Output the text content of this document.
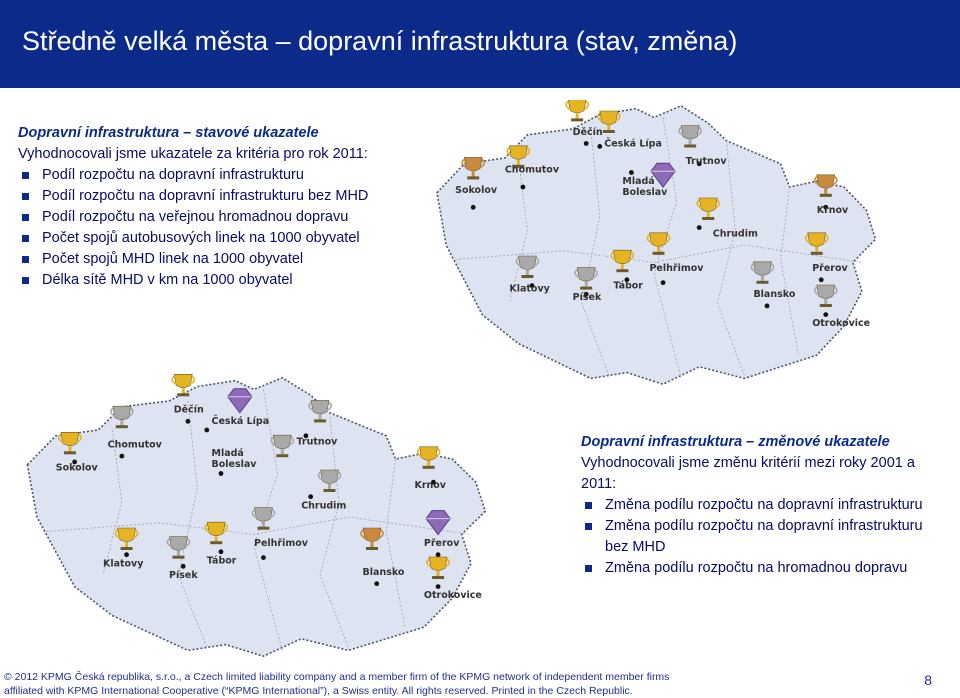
Středně velká města – dopravní infrastruktura (stav, změna)
Dopravní infrastruktura – stavové ukazatele
Vyhodnocovali jsme ukazatele za kritéria pro rok 2011:
Podíl rozpočtu na dopravní infrastrukturu
Podíl rozpočtu na dopravní infrastrukturu bez MHD
Podíl rozpočtu na veřejnou hromadnou dopravu
Počet spojů autobusových linek na 1000 obyvatel
Počet spojů MHD linek na 1000 obyvatel
Délka sítě MHD v km na 1000 obyvatel
Dopravní infrastruktura – změnové ukazatele
Vyhodnocovali jsme změnu kritérií mezi roky 2001 a 2011:
Změna podílu rozpočtu na dopravní infrastrukturu
Změna podílu rozpočtu na dopravní infrastrukturu bez MHD
Změna podílu rozpočtu na hromadnou dopravu
Sokolov
Chomutov
Děčín
Česká Lípa
Trutnov
Mladá Boleslav
Krnov
Chrudim
Klatovy
Písek
Tábor
Pelhřimov	Přerov
Blansko
Otrokovice
Sokolov
Chomutov
Děčín
Česká Lípa
Trutnov
Mladá Boleslav
Krnov
Chrudim
Klatovy
Písek
Tábor
Pelhřimov	Přerov
Blansko
Otrokovice
© 2012 KPMG Česká republika, s.r.o., a Czech limited liability company and a member firm of the KPMG network of independent member firms
affiliated with KPMG International Cooperative (“KPMG International”), a Swiss entity. All rights reserved. Printed in the Czech Republic.
8
